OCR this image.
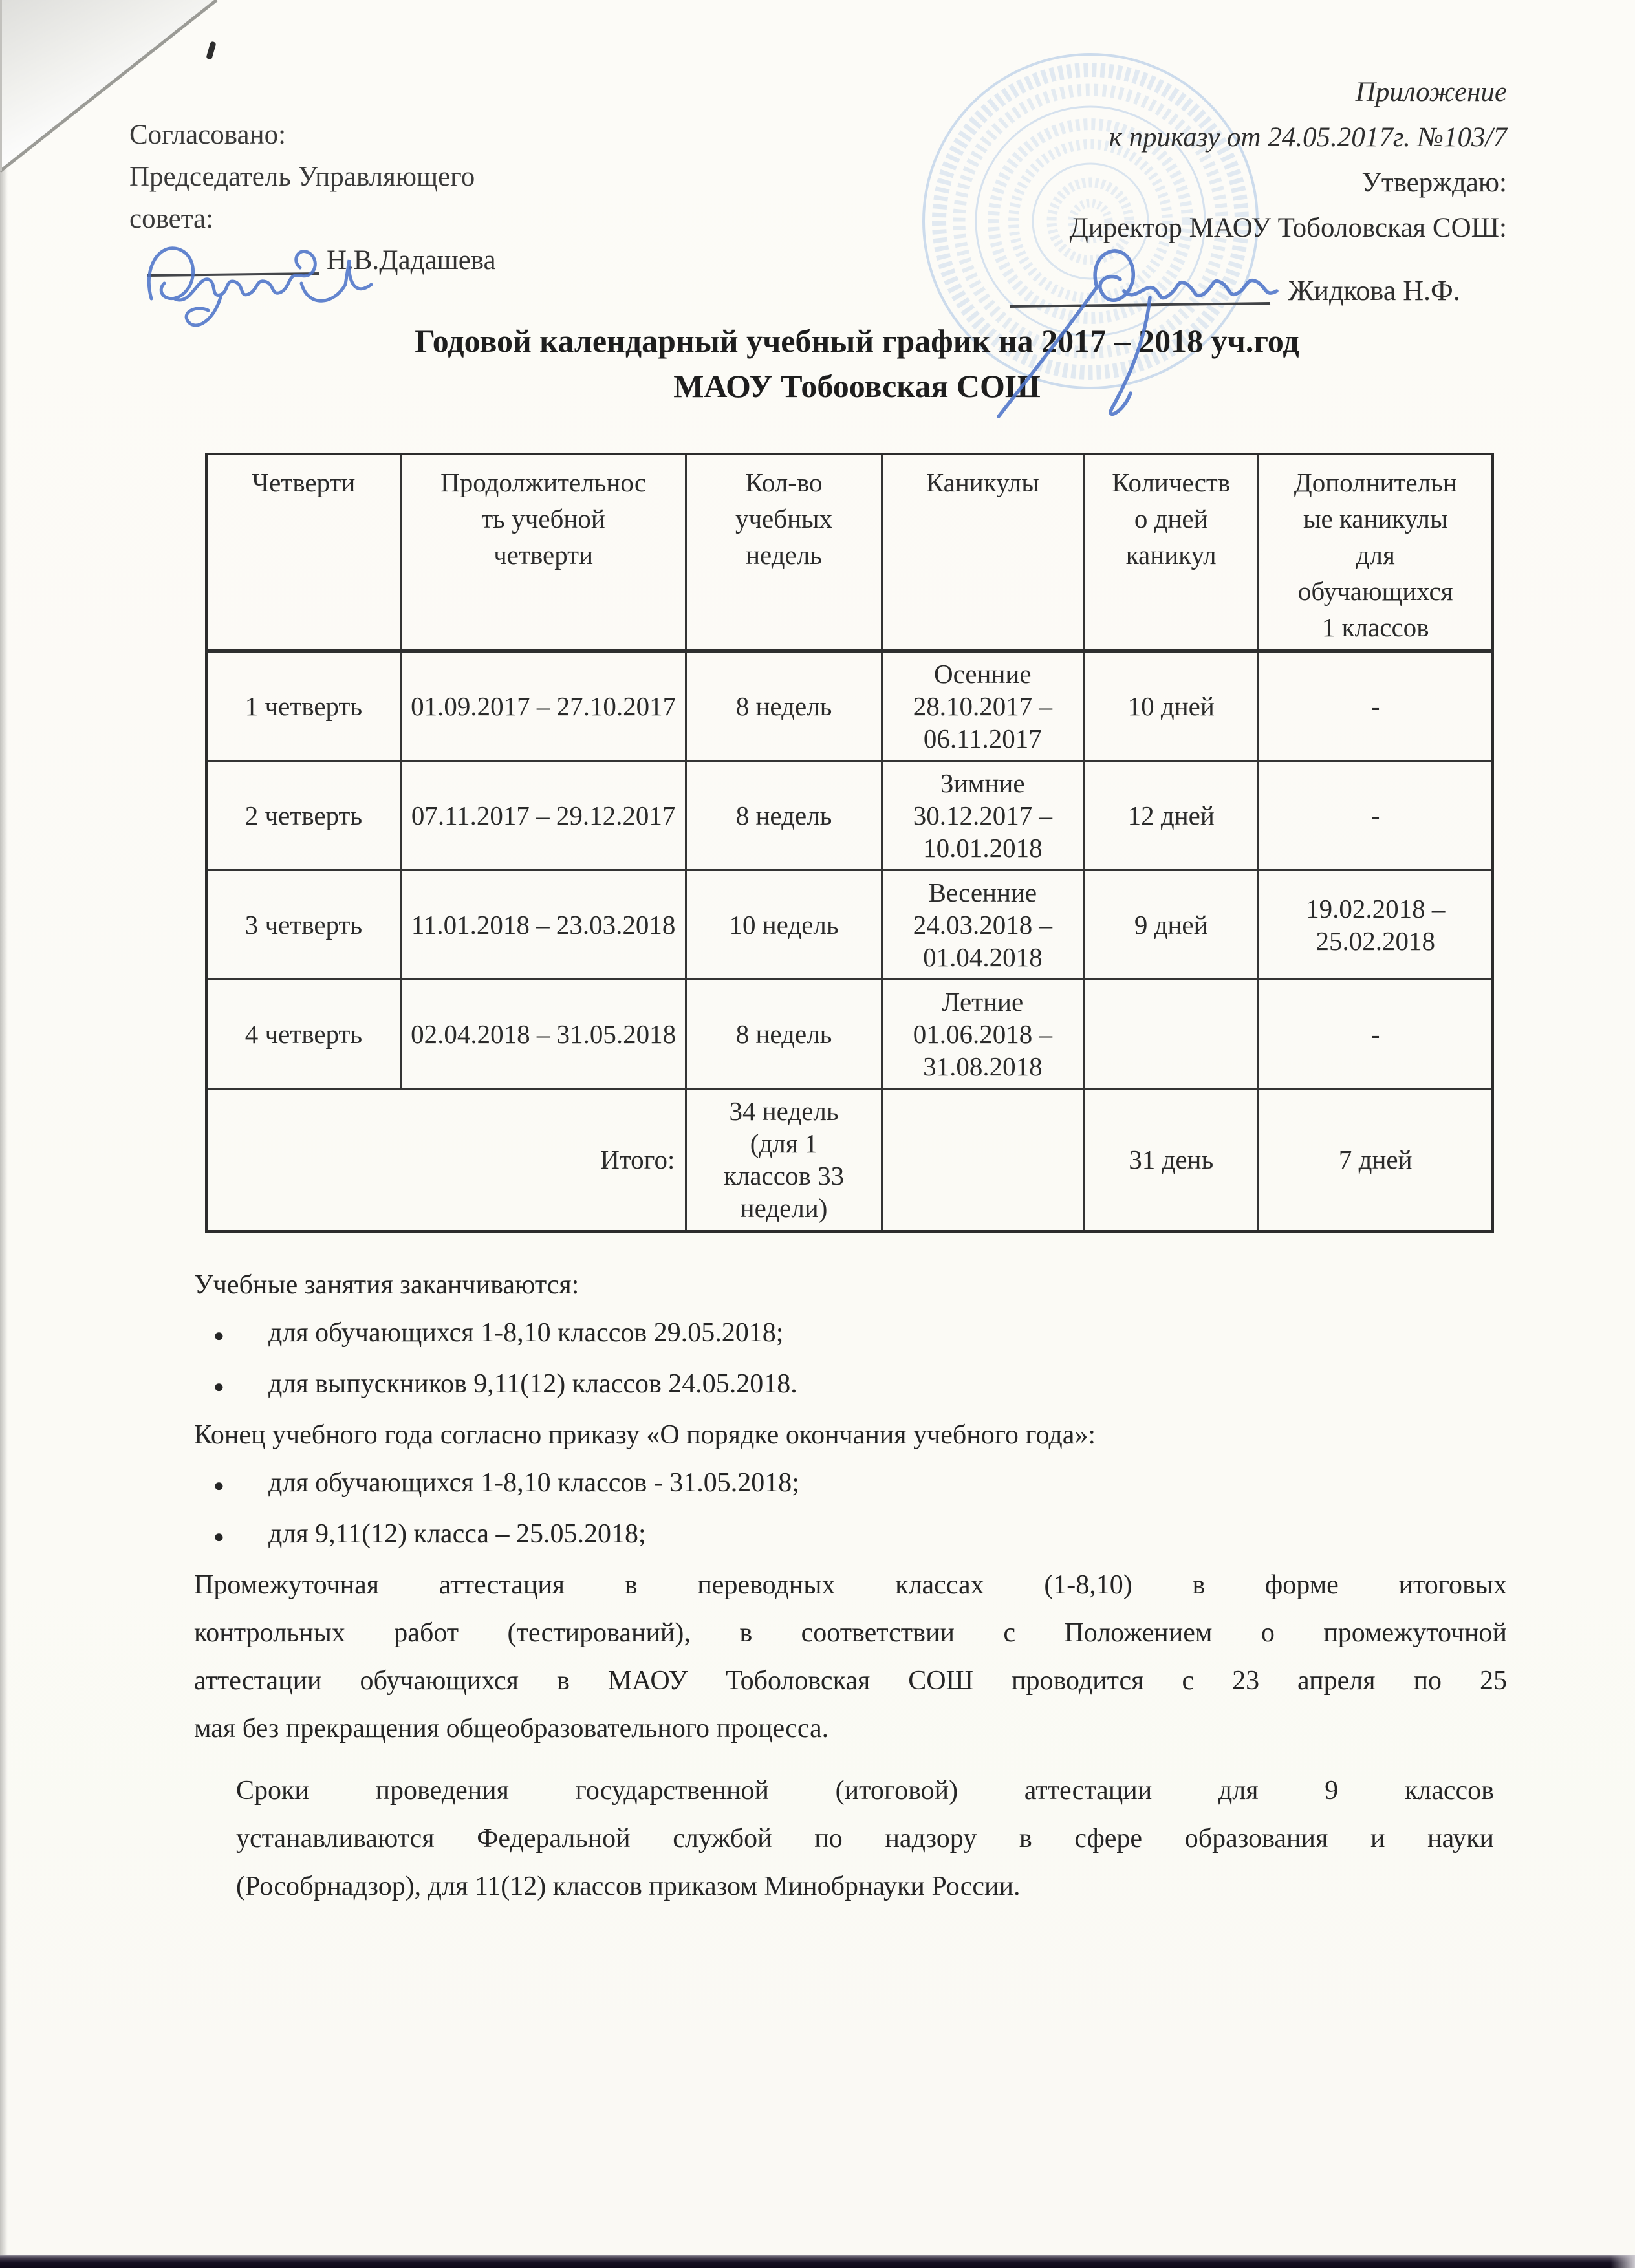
Согласовано:
Председатель Управляющего
совета:
Н.В.Дадашева
Приложение
к приказу от 24.05.2017г. №103/7
Утверждаю:
Директор МАОУ Тоболовская СОШ:
Жидкова Н.Ф.
Годовой календарный учебный график на 2017 – 2018 уч.год
МАОУ Тобоовская СОШ
Четверти	Продолжительность учебной четверти	Кол-во учебных недель	Каникулы	Количество дней каникул	Дополнительные каникулы для обучающихся 1 классов

1 четверть	01.09.2017 – 27.10.2017	8 недель	Осенние 28.10.2017 – 06.11.2017	10 дней	-

2 четверть	07.11.2017 – 29.12.2017	8 недель	Зимние 30.12.2017 – 10.01.2018	12 дней	-

3 четверть	11.01.2018 – 23.03.2018	10 недель	Весенние 24.03.2018 – 01.04.2018	9 дней	19.02.2018 – 25.02.2018

4 четверть	02.04.2018 – 31.05.2018	8 недель	Летние 01.06.2018 – 31.08.2018		-

Итого:		34 недель (для 1 классов 33 недели)		31 день	7 дней
Учебные занятия заканчиваются:
●	для обучающихся 1-8,10 классов 29.05.2018;
●	для выпускников 9,11(12) классов 24.05.2018.
Конец учебного года согласно приказу «О порядке окончания учебного года»:
●	для обучающихся 1-8,10 классов - 31.05.2018;
●	для 9,11(12) класса – 25.05.2018;
Промежуточная аттестация в переводных классах (1-8,10) в форме итоговых
контрольных работ (тестирований), в соответствии с Положением о промежуточной
аттестации обучающихся в МАОУ Тоболовская СОШ проводится с 23 апреля по 25
мая без прекращения общеобразовательного процесса.
Сроки проведения государственной (итоговой) аттестации для 9 классов
устанавливаются Федеральной службой по надзору в сфере образования и науки
(Рособрнадзор), для 11(12) классов приказом Минобрнауки России.
